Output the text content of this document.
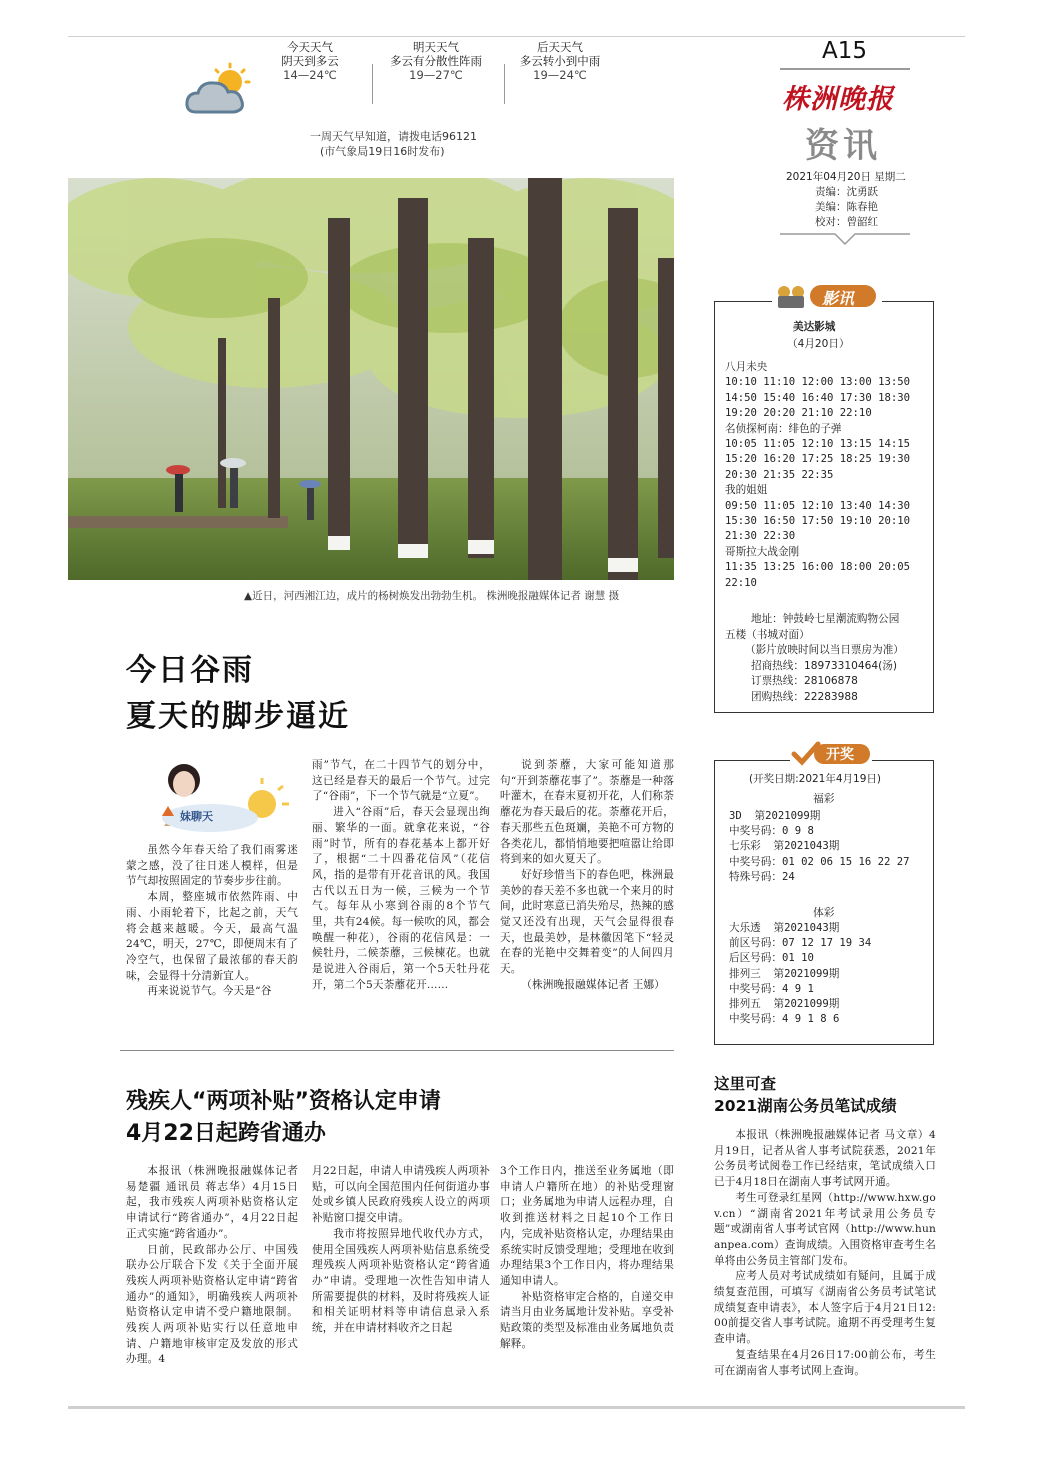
今天天气
阴天到多云
14—24℃
明天天气
多云有分散性阵雨
19—27℃
后天天气
多云转小到中雨
19—24℃
一周天气早知道，请拨电话96121
(市气象局19日16时发布)
A15
株洲晚报
资讯
2021年04月20日 星期二
责编：沈勇跃
美编：陈春艳
校对：曾韶红
▲近日，河西湘江边，成片的杨树焕发出勃勃生机。 株洲晚报融媒体记者 谢慧 摄
今日谷雨
夏天的脚步逼近
妹聊天

虽然今年春天给了我们雨雾迷蒙之感，没了往日迷人模样，但是节气却按照固定的节奏步步往前。

本周，整座城市依然阵雨、中雨、小雨轮着下，比起之前，天气将会越来越暖。今天，最高气温24℃，明天，27℃，即便周末有了冷空气，也保留了最浓郁的春天韵味，会显得十分清新宜人。

再来说说节气。今天是“谷

雨”节气，在二十四节气的划分中，这已经是春天的最后一个节气。过完了“谷雨”，下一个节气就是“立夏”。

进入“谷雨”后，春天会显现出绚丽、繁华的一面。就拿花来说，“谷雨”时节，所有的春花基本上都开好了，根据“二十四番花信风”（花信风，指的是带有开花音讯的风。我国古代以五日为一候，三候为一个节气。每年从小寒到谷雨的8个节气里，共有24候。每一候吹的风，都会唤醒一种花），谷雨的花信风是：一候牡丹，二候荼蘼，三候楝花。也就是说进入谷雨后，第一个5天牡丹花开，第二个5天荼蘼花开……

说到荼蘼，大家可能知道那句“开到荼蘼花事了”。荼蘼是一种落叶灌木，在春末夏初开花，人们称荼蘼花为春天最后的花。荼蘼花开后，春天那些五色斑斓，美艳不可方物的各类花儿，都悄悄地要把喧嚣让给即将到来的如火夏天了。

好好珍惜当下的春色吧，株洲最美妙的春天差不多也就一个来月的时间，此时寒意已消失殆尽，热辣的感觉又还没有出现，天气会显得很春天，也最美妙，是林徽因笔下“轻灵在春的光艳中交舞着变”的人间四月天。

（株洲晚报融媒体记者 王娜）

美达影城
（4月20日）
八月未央
10:10 11:10 12:00 13:00 13:50
14:50 15:40 16:40 17:30 18:30
19:20 20:20 21:10 22:10
名侦探柯南：绯色的子弹
10:05 11:05 12:10 13:15 14:15
15:20 16:20 17:25 18:25 19:30
20:30 21:35 22:35
我的姐姐
09:50 11:05 12:10 13:40 14:30
15:30 16:50 17:50 19:10 20:10
21:30 22:30
哥斯拉大战金刚
11:35 13:25 16:00 18:00 20:05
22:10
地址：钟鼓岭七星潮流购物公园
五楼（书城对面）
（影片放映时间以当日票房为准）
招商热线：18973310464(汤)
订票热线：28106878
团购热线：22283988
影讯
(开奖日期:2021年4月19日)
福彩
3D  第2021099期
中奖号码：0 9 8
七乐彩  第2021043期
中奖号码：01 02 06 15 16 22 27
特殊号码：24
体彩
大乐透  第2021043期
前区号码：07 12 17 19 34
后区号码：01 10
排列三  第2021099期
中奖号码：4 9 1
排列五  第2021099期
中奖号码：4 9 1 8 6
开奖
残疾人“两项补贴”资格认定申请
4月22日起跨省通办

本报讯（株洲晚报融媒体记者 易楚疆 通讯员 蒋志华）4月15日起，我市残疾人两项补贴资格认定申请试行“跨省通办”，4月22日起正式实施“跨省通办”。

日前，民政部办公厅、中国残联办公厅联合下发《关于全面开展残疾人两项补贴资格认定申请“跨省通办”的通知》，明确残疾人两项补贴资格认定申请不受户籍地限制。残疾人两项补贴实行以任意地申请、户籍地审核审定及发放的形式办理。4

月22日起，申请人申请残疾人两项补贴，可以向全国范围内任何街道办事处或乡镇人民政府残疾人设立的两项补贴窗口提交申请。

我市将按照异地代收代办方式，使用全国残疾人两项补贴信息系统受理残疾人两项补贴资格认定“跨省通办”申请。受理地一次性告知申请人所需要提供的材料，及时将残疾人证和相关证明材料等申请信息录入系统，并在申请材料收齐之日起

3个工作日内，推送至业务属地（即申请人户籍所在地）的补贴受理窗口；业务属地为申请人远程办理，自收到推送材料之日起10个工作日内，完成补贴资格认定，办理结果由系统实时反馈受理地；受理地在收到办理结果3个工作日内，将办理结果通知申请人。

补贴资格审定合格的，自递交申请当月由业务属地计发补贴。享受补贴政策的类型及标准由业务属地负责解释。

这里可查
2021湖南公务员笔试成绩

本报讯（株洲晚报融媒体记者 马文章）4月19日，记者从省人事考试院获悉，2021年公务员考试阅卷工作已经结束，笔试成绩入口已于4月18日在湖南人事考试网开通。

考生可登录红星网（http://www.hxw.gov.cn）“湖南省2021年考试录用公务员专题”或湖南省人事考试官网（http://www.hunanpea.com）查询成绩。入围资格审查考生名单将由公务员主管部门发布。

应考人员对考试成绩如有疑问，且属于成绩复查范围，可填写《湖南省公务员考试笔试成绩复查申请表》，本人签字后于4月21日12:00前提交省人事考试院。逾期不再受理考生复查申请。

复查结果在4月26日17:00前公布，考生可在湖南省人事考试网上查询。
